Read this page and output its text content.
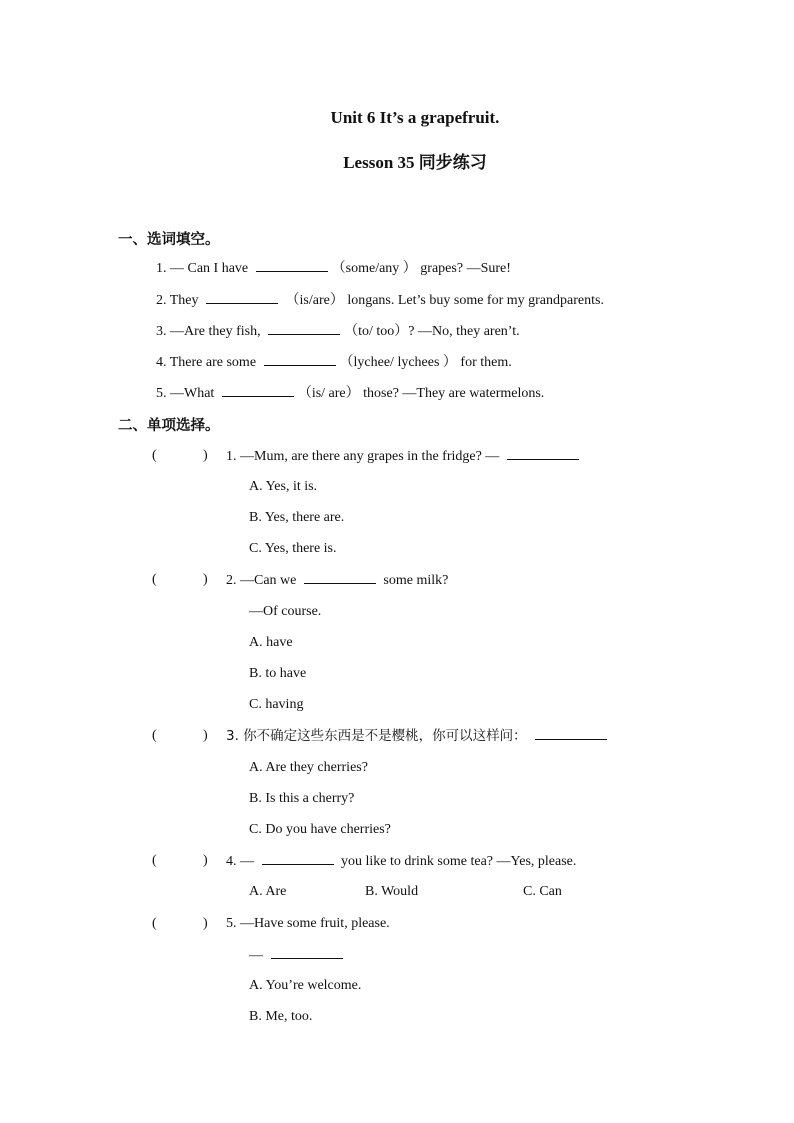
Unit 6 It’s a grapefruit.
Lesson 35 同步练习
一、选词填空。
1. — Can I have	（some/any ） grapes? —Sure!
2. They	（is/are） longans. Let’s buy some for my grandparents.
3. —Are they fish,	（to/ too）? —No, they aren’t.
4. There are some	（lychee/ lychees ） for them.
5. —What	（is/ are） those? —They are watermelons.
二、单项选择。
(	) 1. —Mum, are there any grapes in the fridge? —
A. Yes, it is.
B. Yes, there are.
C. Yes, there is.
(	) 2. —Can we	some milk?
—Of course.
A. have
B. to have
C. having
(	) 3. 你不确定这些东西是不是樱桃，你可以这样问：
A. Are they cherries?
B. Is this a cherry?
C. Do you have cherries?
(	) 4. —	you like to drink some tea? —Yes, please.
A. Are	B. Would	C. Can
(	) 5. —Have some fruit, please.
—
A. You’re welcome.
B. Me, too.
